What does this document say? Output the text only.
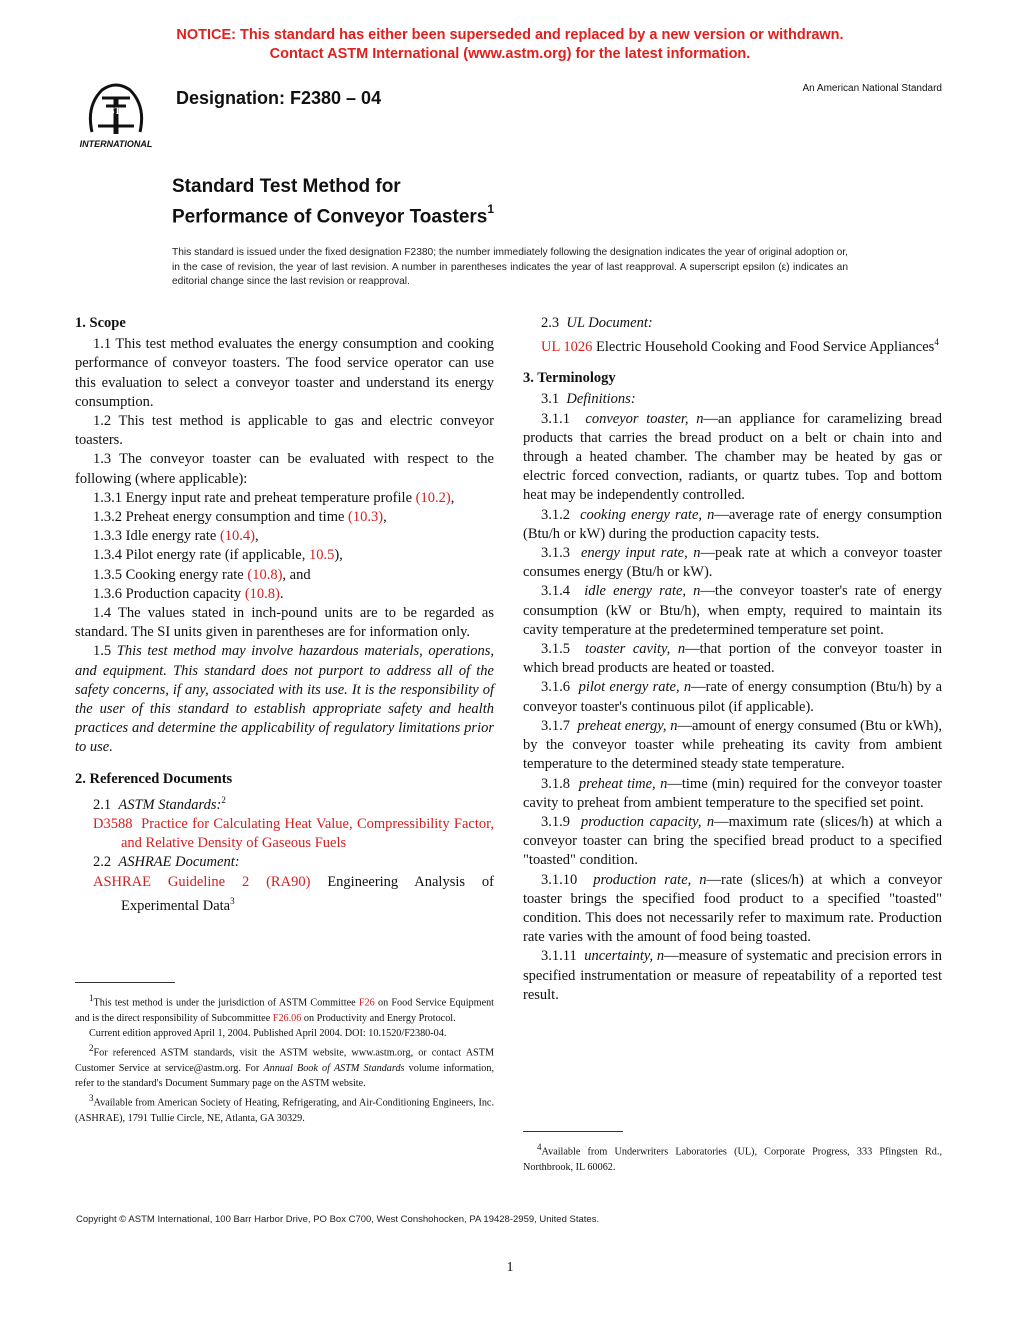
NOTICE: This standard has either been superseded and replaced by a new version or withdrawn.
Contact ASTM International (www.astm.org) for the latest information.
ASTM
INTERNATIONAL
Designation: F2380 – 04	An American National Standard
Standard Test Method for
Performance of Conveyor Toasters$^1$
This standard is issued under the fixed designation F2380; the number immediately following the designation indicates the year of original adoption or, in the case of revision, the year of last revision. A number in parentheses indicates the year of last reapproval. A superscript epsilon (ε) indicates an editorial change since the last revision or reapproval.
1. Scope

1.1 This test method evaluates the energy consumption and cooking performance of conveyor toasters. The food service operator can use this evaluation to select a conveyor toaster and understand its energy consumption.

1.2 This test method is applicable to gas and electric conveyor toasters.

1.3 The conveyor toaster can be evaluated with respect to the following (where applicable):

1.3.1 Energy input rate and preheat temperature profile (10.2),

1.3.2 Preheat energy consumption and time (10.3),

1.3.3 Idle energy rate (10.4),

1.3.4 Pilot energy rate (if applicable, 10.5),

1.3.5 Cooking energy rate (10.8), and

1.3.6 Production capacity (10.8).

1.4 The values stated in inch-pound units are to be regarded as standard. The SI units given in parentheses are for information only.

1.5 This test method may involve hazardous materials, operations, and equipment. This standard does not purport to address all of the safety concerns, if any, associated with its use. It is the responsibility of the user of this standard to establish appropriate safety and health practices and determine the applicability of regulatory limitations prior to use.

2. Referenced Documents

2.1 ASTM Standards:$^2$

D3588 Practice for Calculating Heat Value, Compressibility Factor, and Relative Density of Gaseous Fuels

2.2 ASHRAE Document:

ASHRAE Guideline 2 (RA90) Engineering Analysis of Experimental Data$^3$

$^1$This test method is under the jurisdiction of ASTM Committee F26 on Food Service Equipment and is the direct responsibility of Subcommittee F26.06 on Productivity and Energy Protocol.

Current edition approved April 1, 2004. Published April 2004. DOI: 10.1520/F2380-04.

$^2$For referenced ASTM standards, visit the ASTM website, www.astm.org, or contact ASTM Customer Service at service@astm.org. For Annual Book of ASTM Standards volume information, refer to the standard's Document Summary page on the ASTM website.

$^3$Available from American Society of Heating, Refrigerating, and Air-Conditioning Engineers, Inc. (ASHRAE), 1791 Tullie Circle, NE, Atlanta, GA 30329.

2.3 UL Document:

UL 1026 Electric Household Cooking and Food Service Appliances$^4$

3. Terminology

3.1 Definitions:

3.1.1 conveyor toaster, n—an appliance for caramelizing bread products that carries the bread product on a belt or chain into and through a heated chamber. The chamber may be heated by gas or electric forced convection, radiants, or quartz tubes. Top and bottom heat may be independently controlled.

3.1.2 cooking energy rate, n—average rate of energy consumption (Btu/h or kW) during the production capacity tests.

3.1.3 energy input rate, n—peak rate at which a conveyor toaster consumes energy (Btu/h or kW).

3.1.4 idle energy rate, n—the conveyor toaster's rate of energy consumption (kW or Btu/h), when empty, required to maintain its cavity temperature at the predetermined temperature set point.

3.1.5 toaster cavity, n—that portion of the conveyor toaster in which bread products are heated or toasted.

3.1.6 pilot energy rate, n—rate of energy consumption (Btu/h) by a conveyor toaster's continuous pilot (if applicable).

3.1.7 preheat energy, n—amount of energy consumed (Btu or kWh), by the conveyor toaster while preheating its cavity from ambient temperature to the determined steady state temperature.

3.1.8 preheat time, n—time (min) required for the conveyor toaster cavity to preheat from ambient temperature to the specified set point.

3.1.9 production capacity, n—maximum rate (slices/h) at which a conveyor toaster can bring the specified bread product to a specified "toasted" condition.

3.1.10 production rate, n—rate (slices/h) at which a conveyor toaster brings the specified food product to a specified "toasted" condition. This does not necessarily refer to maximum rate. Production rate varies with the amount of food being toasted.

3.1.11 uncertainty, n—measure of systematic and precision errors in specified instrumentation or measure of repeatability of a reported test result.

$^4$Available from Underwriters Laboratories (UL), Corporate Progress, 333 Pfingsten Rd., Northbrook, IL 60062.

Copyright © ASTM International, 100 Barr Harbor Drive, PO Box C700, West Conshohocken, PA 19428-2959, United States.
1
